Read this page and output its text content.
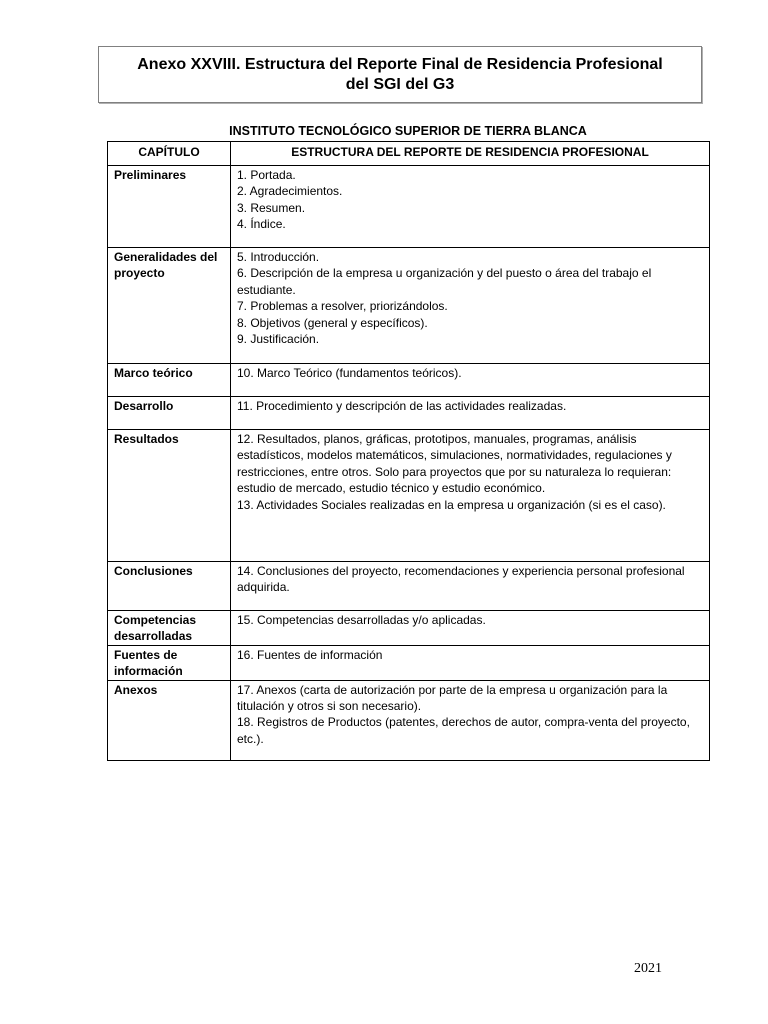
Anexo XXVIII. Estructura del Reporte Final de Residencia Profesional
del SGI del G3
INSTITUTO TECNOLÓGICO SUPERIOR DE TIERRA BLANCA
CAPÍTULO	ESTRUCTURA DEL REPORTE DE RESIDENCIA PROFESIONAL
Preliminares	1. Portada.
2. Agradecimientos.
3. Resumen.
4. Índice.

Generalidades del proyecto	5. Introducción.
6. Descripción de la empresa u organización y del puesto o área del trabajo el estudiante.
7. Problemas a resolver, priorizándolos.
8. Objetivos (general y específicos).
9. Justificación.

Marco teórico	10. Marco Teórico (fundamentos teóricos).

Desarrollo	11. Procedimiento y descripción de las actividades realizadas.

Resultados	12. Resultados, planos, gráficas, prototipos, manuales, programas, análisis estadísticos, modelos matemáticos, simulaciones, normatividades, regulaciones y restricciones, entre otros. Solo para proyectos que por su naturaleza lo requieran: estudio de mercado, estudio técnico y estudio económico.
13. Actividades Sociales realizadas en la empresa u organización (si es el caso).

Conclusiones	14. Conclusiones del proyecto, recomendaciones y experiencia personal profesional adquirida.

Competencias desarrolladas	15. Competencias desarrolladas y/o aplicadas.

Fuentes de información	16. Fuentes de información

Anexos	17. Anexos (carta de autorización por parte de la empresa u organización para la titulación y otros si son necesario).
18. Registros de Productos (patentes, derechos de autor, compra-venta del proyecto, etc.).
2021
